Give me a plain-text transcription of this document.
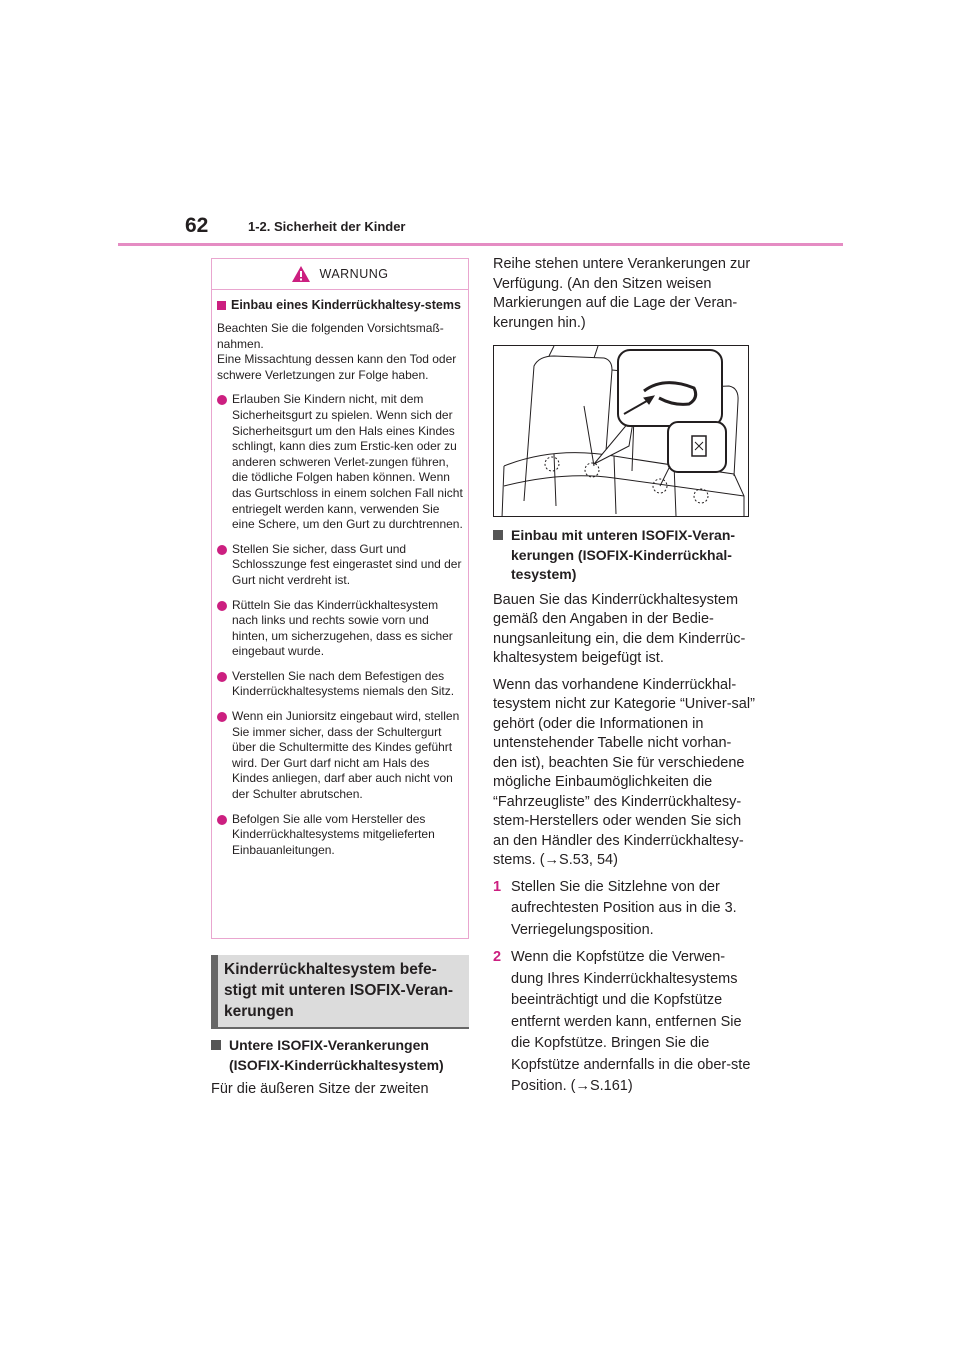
62	1-2. Sicherheit der Kinder
WARNUNG
Einbau eines Kinderrückhaltesy-stems

Beachten Sie die folgenden Vorsichtsmaß-nahmen.
Eine Missachtung dessen kann den Tod oder schwere Verletzungen zur Folge haben.

Erlauben Sie Kindern nicht, mit dem Sicherheitsgurt zu spielen. Wenn sich der Sicherheitsgurt um den Hals eines Kindes schlingt, kann dies zum Erstic-ken oder zu anderen schweren Verlet-zungen führen, die tödliche Folgen haben können. Wenn das Gurtschloss in einem solchen Fall nicht entriegelt werden kann, verwenden Sie eine Schere, um den Gurt zu durchtrennen.
Stellen Sie sicher, dass Gurt und Schlosszunge fest eingerastet sind und der Gurt nicht verdreht ist.
Rütteln Sie das Kinderrückhaltesystem nach links und rechts sowie vorn und hinten, um sicherzugehen, dass es sicher eingebaut wurde.
Verstellen Sie nach dem Befestigen des Kinderrückhaltesystems niemals den Sitz.
Wenn ein Juniorsitz eingebaut wird, stellen Sie immer sicher, dass der Schultergurt über die Schultermitte des Kindes geführt wird. Der Gurt darf nicht am Hals des Kindes anliegen, darf aber auch nicht von der Schulter abrutschen.
Befolgen Sie alle vom Hersteller des Kinderrückhaltesystems mitgelieferten Einbauanleitungen.
Kinderrückhaltesystem befe-
stigt mit unteren ISOFIX-Veran-
kerungen
Untere ISOFIX-Verankerungen (ISOFIX-Kinderrückhaltesystem)
Für die äußeren Sitze der zweiten
Reihe stehen untere Verankerungen zur Verfügung. (An den Sitzen weisen Markierungen auf die Lage der Veran-kerungen hin.)
Einbau mit unteren ISOFIX-Veran-kerungen (ISOFIX-Kinderrückhal-tesystem)
Bauen Sie das Kinderrückhaltesystem gemäß den Angaben in der Bedie-nungsanleitung ein, die dem Kinderrüc-khaltesystem beigefügt ist.
Wenn das vorhandene Kinderrückhal-tesystem nicht zur Kategorie “Univer-sal” gehört (oder die Informationen in untenstehender Tabelle nicht vorhan-den ist), beachten Sie für verschiedene mögliche Einbaumöglichkeiten die “Fahrzeugliste” des Kinderrückhaltesy-stem-Herstellers oder wenden Sie sich an den Händler des Kinderrückhaltesy-stems. (→S.53, 54)
1 Stellen Sie die Sitzlehne von der aufrechtesten Position aus in die 3. Verriegelungsposition.
2 Wenn die Kopfstütze die Verwen-dung Ihres Kinderrückhaltesystems beeinträchtigt und die Kopfstütze entfernt werden kann, entfernen Sie die Kopfstütze. Bringen Sie die Kopfstütze andernfalls in die ober-ste Position. (→S.161)
